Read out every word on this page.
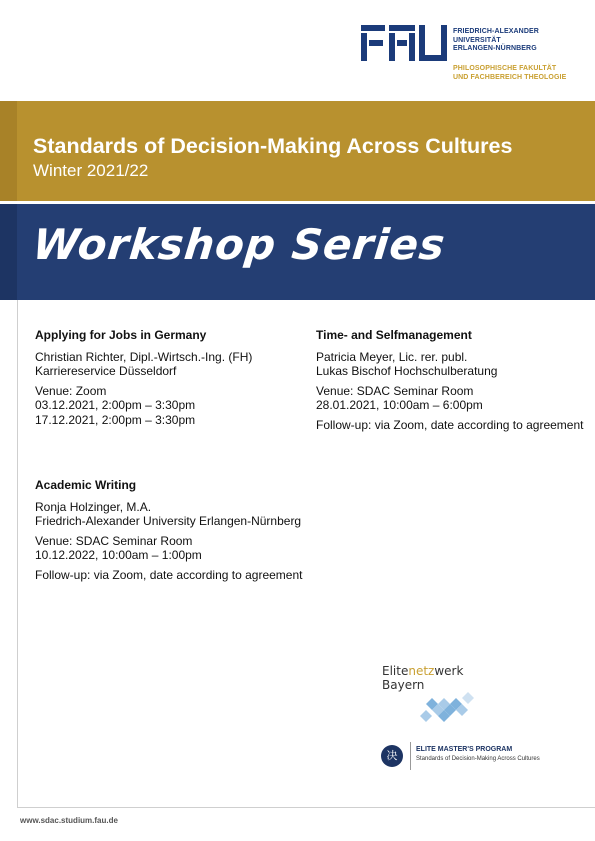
FRIEDRICH-ALEXANDER
UNIVERSITÄT
ERLANGEN-NÜRNBERG
PHILOSOPHISCHE FAKULTÄT
UND FACHBEREICH THEOLOGIE
Standards of Decision-Making Across Cultures
Winter 2021/22
Workshop Series
Applying for Jobs in Germany
Christian Richter, Dipl.-Wirtsch.-Ing. (FH)
Karriereservice Düsseldorf
Venue: Zoom
03.12.2021, 2:00pm – 3:30pm
17.12.2021, 2:00pm – 3:30pm
Time- and Selfmanagement
Patricia Meyer, Lic. rer. publ.
Lukas Bischof Hochschulberatung
Venue: SDAC Seminar Room
28.01.2021, 10:00am – 6:00pm
Follow-up: via Zoom, date according to agreement
Academic Writing
Ronja Holzinger, M.A.
Friedrich-Alexander University Erlangen-Nürnberg
Venue: SDAC Seminar Room
10.12.2022, 10:00am – 1:00pm
Follow-up: via Zoom, date according to agreement
Elitenetzwerk
Bayern
决	ELITE MASTER'S PROGRAM
Standards of Decision-Making Across Cultures
www.sdac.studium.fau.de
